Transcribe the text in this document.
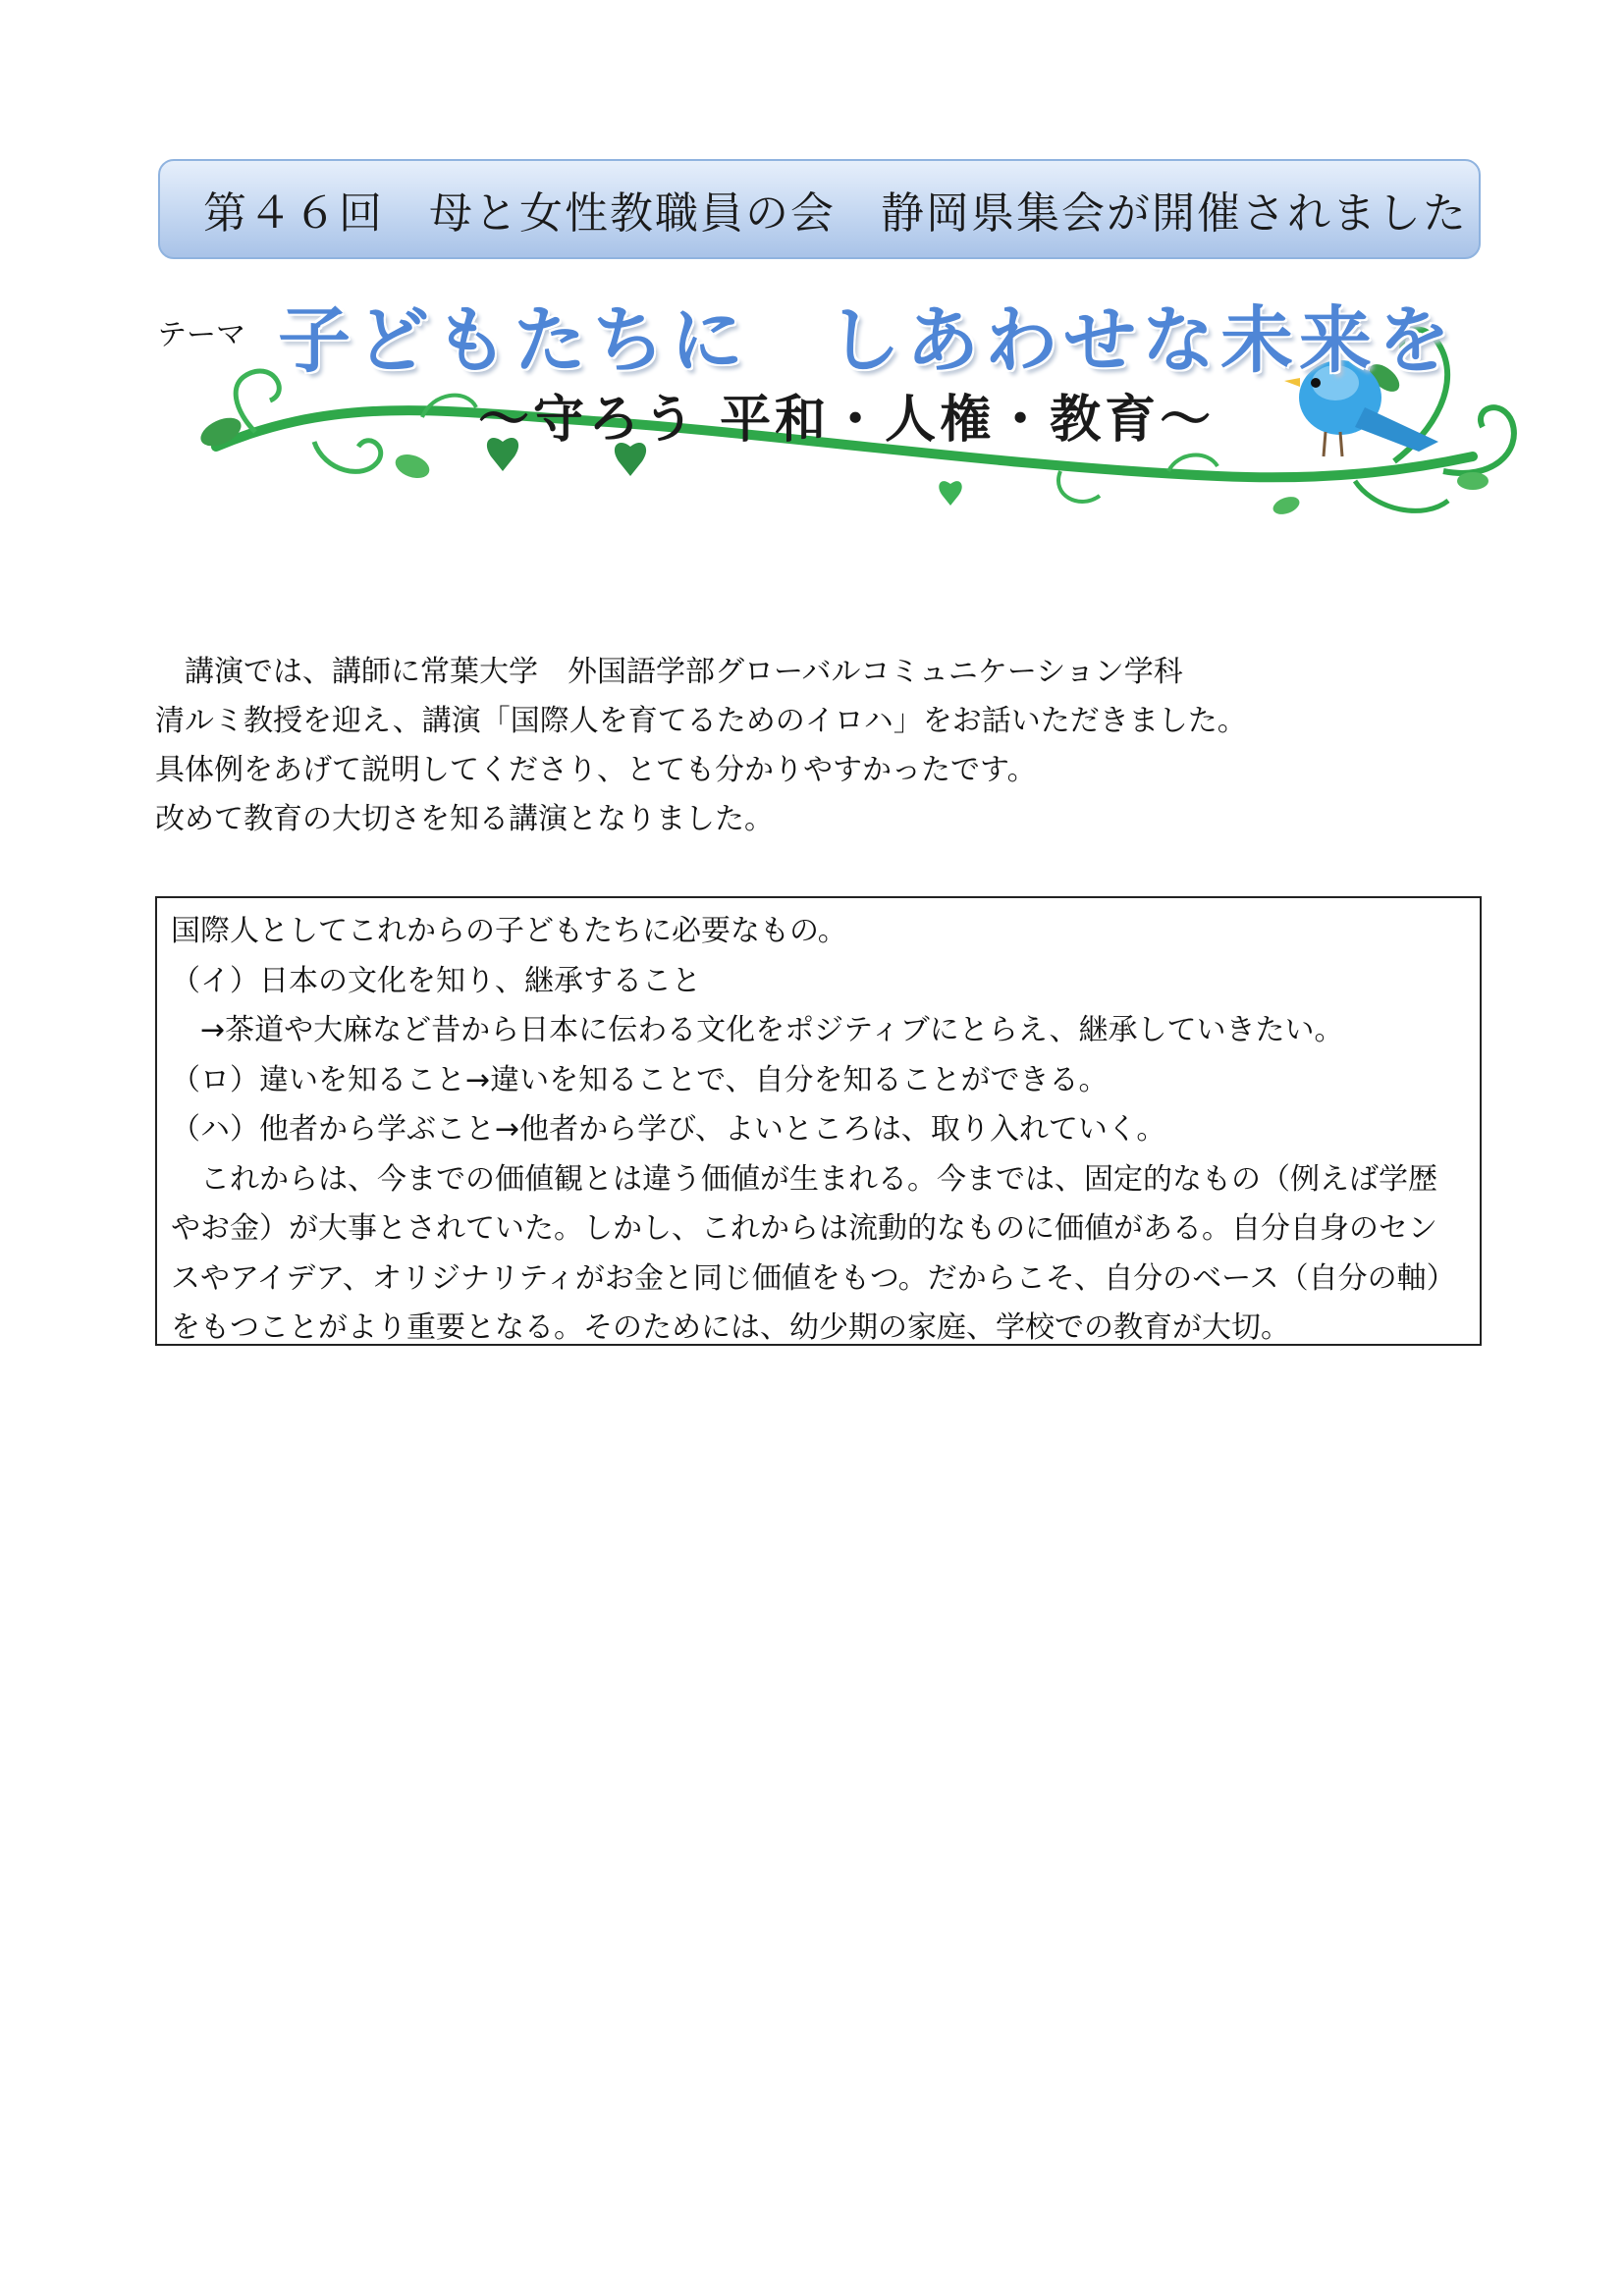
第４６回　母と女性教職員の会　静岡県集会が開催されました
テーマ 子どもたちに　しあわせな未来を
〜守ろう 平和・人権・教育〜

　講演では、講師に常葉大学　外国語学部グローバルコミュニケーション学科

清ルミ教授を迎え、講演「国際人を育てるためのイロハ」をお話いただきました。

具体例をあげて説明してくださり、とても分かりやすかったです。

改めて教育の大切さを知る講演となりました。

国際人としてこれからの子どもたちに必要なもの。

（イ）日本の文化を知り、継承すること

　→茶道や大麻など昔から日本に伝わる文化をポジティブにとらえ、継承していきたい。

（ロ）違いを知ること→違いを知ることで、自分を知ることができる。

（ハ）他者から学ぶこと→他者から学び、よいところは、取り入れていく。

　これからは、今までの価値観とは違う価値が生まれる。今までは、固定的なもの（例えば学歴

やお金）が大事とされていた。しかし、これからは流動的なものに価値がある。自分自身のセン

スやアイデア、オリジナリティがお金と同じ価値をもつ。だからこそ、自分のベース（自分の軸）

をもつことがより重要となる。そのためには、幼少期の家庭、学校での教育が大切。
